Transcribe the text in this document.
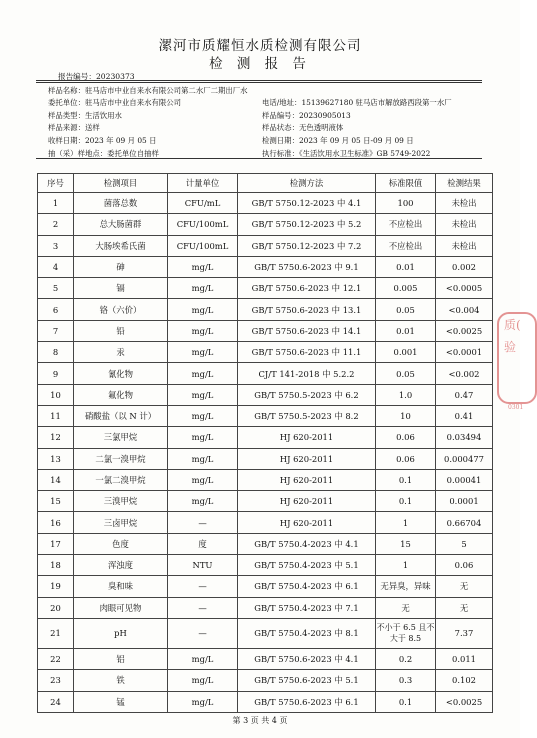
漯河市质耀恒水质检测有限公司
检 测 报 告
报告编号：20230373
样品名称：驻马店市中业自来水有限公司第二水厂二期出厂水
委托单位：驻马店市中业自来水有限公司
样品类型：生活饮用水
样品来源：送样
收样日期：2023 年 09 月 05 日
抽（采）样地点：委托单位自抽样
电话/地址：15139627180 驻马店市解放路西段第一水厂
样品编号：20230905013
样品状态：无色透明液体
检测日期：2023 年 09 月 05 日-09 月 09 日
执行标准：《生活饮用水卫生标准》GB 5749-2022
序号	检测项目	计量单位	检测方法	标准限值	检测结果
1	菌落总数	CFU/mL	GB/T 5750.12-2023 中 4.1	100	未检出
2	总大肠菌群	CFU/100mL	GB/T 5750.12-2023 中 5.2	不应检出	未检出
3	大肠埃希氏菌	CFU/100mL	GB/T 5750.12-2023 中 7.2	不应检出	未检出
4	砷	mg/L	GB/T 5750.6-2023 中 9.1	0.01	0.002
5	镉	mg/L	GB/T 5750.6-2023 中 12.1	0.005	<0.0005
6	铬（六价）	mg/L	GB/T 5750.6-2023 中 13.1	0.05	<0.004
7	铅	mg/L	GB/T 5750.6-2023 中 14.1	0.01	<0.0025
8	汞	mg/L	GB/T 5750.6-2023 中 11.1	0.001	<0.0001
9	氰化物	mg/L	CJ/T 141-2018 中 5.2.2	0.05	<0.002
10	氟化物	mg/L	GB/T 5750.5-2023 中 6.2	1.0	0.47
11	硝酸盐（以 N 计）	mg/L	GB/T 5750.5-2023 中 8.2	10	0.41
12	三氯甲烷	mg/L	HJ 620-2011	0.06	0.03494
13	二氯一溴甲烷	mg/L	HJ 620-2011	0.06	0.000477
14	一氯二溴甲烷	mg/L	HJ 620-2011	0.1	0.00041
15	三溴甲烷	mg/L	HJ 620-2011	0.1	0.0001
16	三卤甲烷	—	HJ 620-2011	1	0.66704
17	色度	度	GB/T 5750.4-2023 中 4.1	15	5
18	浑浊度	NTU	GB/T 5750.4-2023 中 5.1	1	0.06
19	臭和味	—	GB/T 5750.4-2023 中 6.1	无异臭，异味	无
20	肉眼可见物	—	GB/T 5750.4-2023 中 7.1	无	无
21	pH	—	GB/T 5750.4-2023 中 8.1	不小于 6.5 且不大于 8.5	7.37
22	铝	mg/L	GB/T 5750.6-2023 中 4.1	0.2	0.011
23	铁	mg/L	GB/T 5750.6-2023 中 5.1	0.3	0.102
24	锰	mg/L	GB/T 5750.6-2023 中 6.1	0.1	<0.0025
质(
验
0301
第 3 页 共 4 页
